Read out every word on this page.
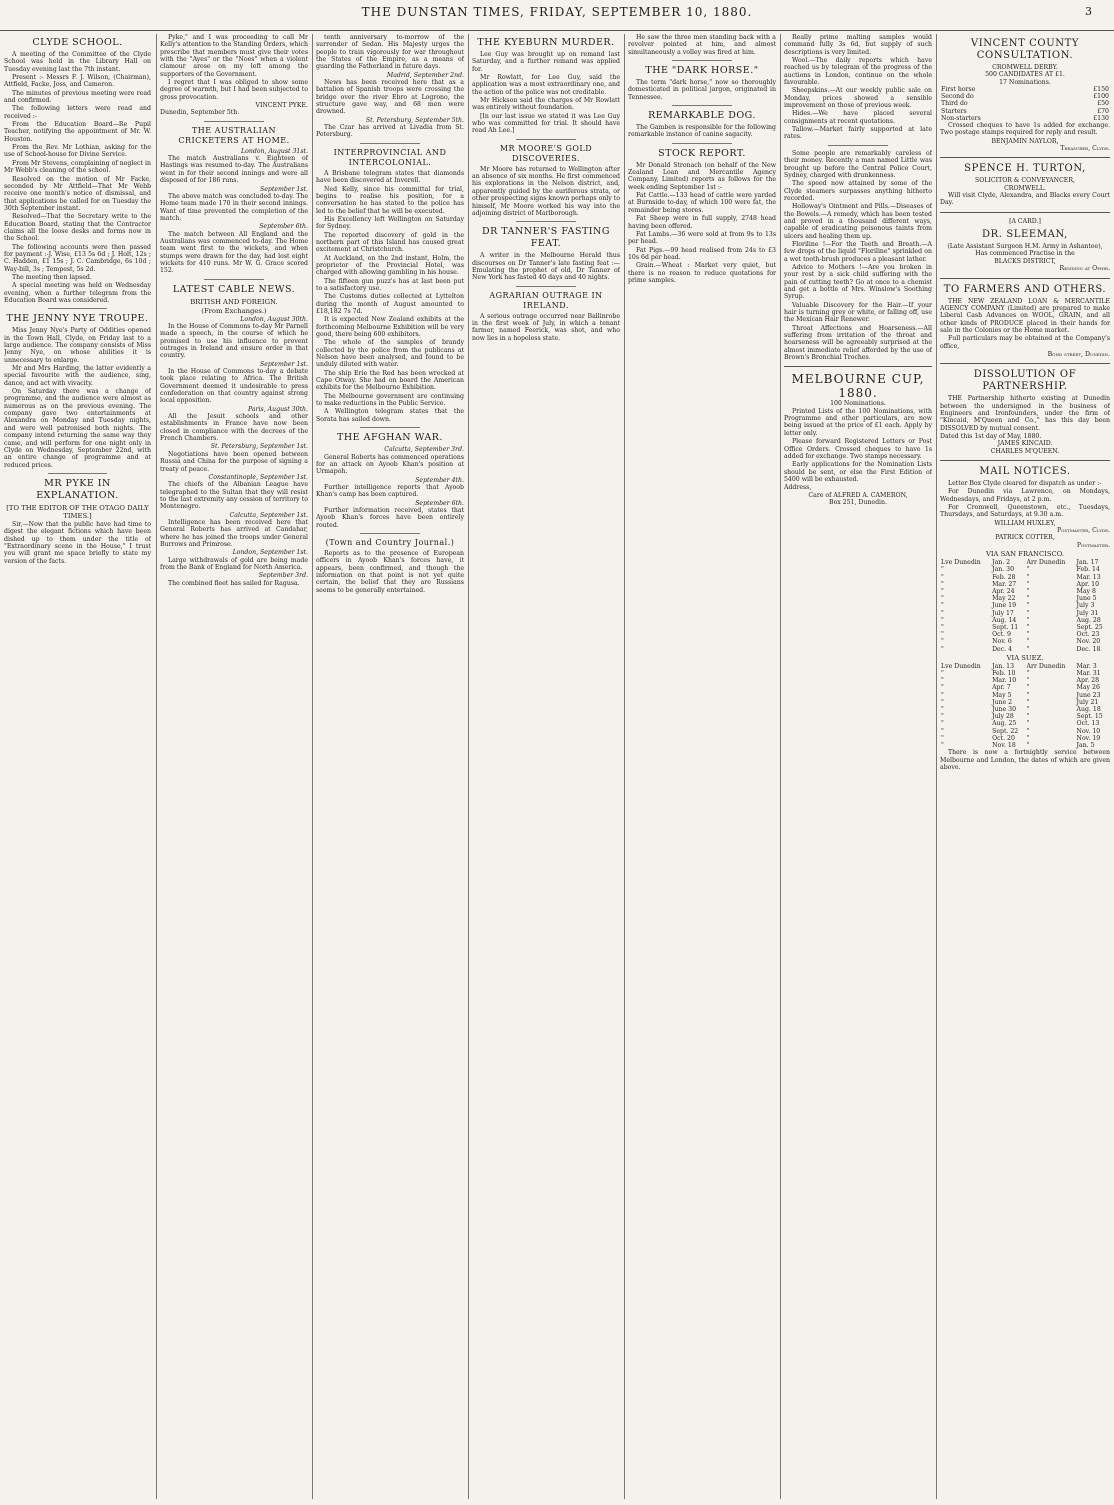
THE DUNSTAN TIMES, FRIDAY, SEPTEMBER 10, 1880.	3
CLYDE SCHOOL.

A meeting of the Committee of the Clyde School was held in the Library Hall on Tuesday evening last the 7th instant.

Present :- Messrs F. J. Wilson, (Chairman), Attfield, Facke, Joss, and Cameron.

The minutes of previous meeting were read and confirmed.

The following letters were read and received :-

From the Education Board—Re Pupil Teacher, notifying the appointment of Mr. W. Houston.

From the Rev. Mr Lothian, asking for the use of School-house for Divine Service.

From Mr Stevens, complaining of neglect in Mr Webb's cleaning of the school.

Resolved on the motion of Mr Facke, seconded by Mr Attfield—That Mr Webb receive one month's notice of dismissal, and that applications be called for on Tuesday the 30th September instant.

Resolved—That the Secretary write to the Education Board, stating that the Contractor claims all the loose desks and forms now in the School.

The following accounts were then passed for payment :-J. Wise, £13 5s 6d ; J. Holt, 12s ; C. Hadden, £1 15s ; J. C. Cambridge, 6s 10d ; Way-bill, 3s ; Tempest, 5s 2d.

The meeting then lapsed.

A special meeting was held on Wednesday evening, when a further telegram from the Education Board was considered.

THE JENNY NYE TROUPE.

Miss Jenny Nye's Party of Oddities opened in the Town Hall, Clyde, on Friday last to a large audience. The company consists of Miss Jenny Nye, on whose abilities it is unnecessary to enlarge.

Mr and Mrs Harding, the latter evidently a special favourite with the audience, sing, dance, and act with vivacity.

On Saturday there was a change of programme, and the audience were almost as numerous as on the previous evening. The company gave two entertainments at Alexandra on Monday and Tuesday nights, and were well patronised both nights. The company intend returning the same way they came, and will perform for one night only in Clyde on Wednesday, September 22nd, with an entire change of programme and at reduced prices.

MR PYKE IN EXPLANATION.
[TO THE EDITOR OF THE OTAGO DAILY TIMES.]

Sir,—Now that the public have had time to digest the elegant fictions which have been dished up to them under the title of "Extraordinary scene in the House," I trust you will grant me space briefly to state my version of the facts.

Pyke," and I was proceeding to call Mr Kelly's attention to the Standing Orders, which prescribe that members must give their votes with the "Ayes" or the "Noes" when a violent clamour arose on my left among the supporters of the Government.

I regret that I was obliged to show some degree of warmth, but I had been subjected to gross provocation.

VINCENT PYKE.
Dunedin, September 5th.
THE AUSTRALIAN CRICKETERS AT HOME.
London, August 31st.

The match Australians v. Eighteen of Hastings was resumed to-day. The Australians went in for their second innings and were all disposed of for 186 runs.

September 1st.

The above match was concluded to-day. The Home team made 170 in their second innings. Want of time prevented the completion of the match.

September 6th.

The match between All England and the Australians was commenced to-day. The Home team went first to the wickets, and when stumps were drawn for the day, had lost eight wickets for 410 runs. Mr W. G. Grace scored 152.

LATEST CABLE NEWS.
BRITISH AND FOREIGN.
(From Exchanges.)
London, August 30th.

In the House of Commons to-day Mr Parnell made a speech, in the course of which he promised to use his influence to prevent outrages in Ireland and ensure order in that country.

September 1st.

In the House of Commons to-day a debate took place relating to Africa. The British Government deemed it undesirable to press confederation on that country against strong local opposition.

Paris, August 30th.

All the Jesuit schools and other establishments in France have now been closed in compliance with the decrees of the French Chambers.

St. Petersburg, September 1st.

Negotiations have been opened between Russia and China for the purpose of signing a treaty of peace.

Constantinople, September 1st.

The chiefs of the Albanian League have telegraphed to the Sultan that they will resist to the last extremity any cession of territory to Montenegro.

Calcutta, September 1st.

Intelligence has been received here that General Roberts has arrived at Candahar, where he has joined the troops under General Burrows and Primrose.

London, September 1st.

Large withdrawals of gold are being made from the Bank of England for North America.

September 3rd.

The combined fleet has sailed for Ragusa.

tenth anniversary to-morrow of the surrender of Sedan. His Majesty urges the people to train vigorously for war throughout the States of the Empire, as a means of guarding the Fatherland in future days.

Madrid, September 2nd.

News has been received here that as a battalion of Spanish troops were crossing the bridge over the river Ebro at Logrono, the structure gave way, and 68 men were drowned.

St. Petersburg, September 5th.

The Czar has arrived at Livadia from St. Petersburg.

INTERPROVINCIAL AND INTERCOLONIAL.

A Brisbane telegram states that diamonds have been discovered at Inverell.

Ned Kelly, since his committal for trial, begins to realise his position, for a conversation he has stated to the police has led to the belief that he will be executed.

His Excellency left Wellington on Saturday for Sydney.

The reported discovery of gold in the northern part of this Island has caused great excitement at Christchurch.

At Auckland, on the 2nd instant, Holm, the proprietor of the Provincial Hotel, was charged with allowing gambling in his house.

The fifteen gun puzz's has at last been put to a satisfactory use.

The Customs duties collected at Lyttelton during the month of August amounted to £18,182 7s 7d.

It is expected New Zealand exhibits at the forthcoming Melbourne Exhibition will be very good, there being 600 exhibitors.

The whole of the samples of brandy collected by the police from the publicans at Nelson have been analysed, and found to be unduly diluted with water.

The ship Erie the Red has been wrecked at Cape Otway. She had on board the American exhibits for the Melbourne Exhibition.

The Melbourne government are continuing to make reductions in the Public Service.

A Wellington telegram states that the Sorata has sailed down.

THE AFGHAN WAR.
Calcutta, September 3rd.

General Roberts has commenced operations for an attack on Ayoob Khan's position at Urmapoh.

September 4th.

Further intelligence reports that Ayoob Khan's camp has been captured.

September 6th.

Further information received, states that Ayoob Khan's forces have been entirely routed.

(Town and Country Journal.)

Reports as to the presence of European officers in Ayoob Khan's forces have, it appears, been confirmed, and though the information on that point is not yet quite certain, the belief that they are Russians seems to be generally entertained.

THE KYEBURN MURDER.

Lee Guy was brought up on remand last Saturday, and a further remand was applied for.

Mr Rowlatt, for Lee Guy, said the application was a most extraordinary one, and the action of the police was not creditable.

Mr Hickson said the charges of Mr Rowlatt was entirely without foundation.

[In our last issue we stated it was Lee Guy who was committed for trial. It should have read Ah Lee.]

MR MOORE'S GOLD DISCOVERIES.

Mr Moore has returned to Wellington after an absence of six months. He first commenced his explorations in the Nelson district, and, apparently guided by the auriferous strata, or other prospecting signs known perhaps only to himself, Mr Moore worked his way into the adjoining district of Marlborough.

DR TANNER'S FASTING FEAT.

A writer in the Melbourne Herald thus discourses on Dr Tanner's late fasting feat :—Emulating the prophet of old, Dr Tanner of New York has fasted 40 days and 40 nights.

AGRARIAN OUTRAGE IN IRELAND.

A serious outrage occurred near Ballinrobe in the first week of July, in which a tenant farmer, named Feerick, was shot, and who now lies in a hopeless state.

He saw the three men standing back with a revolver pointed at him, and almost simultaneously a volley was fired at him.

THE "DARK HORSE."

The term "dark horse," now so thoroughly domesticated in political jargon, originated in Tennessee.

REMARKABLE DOG.

The Gamben is responsible for the following remarkable instance of canine sagacity.

STOCK REPORT.

Mr Donald Stronach (on behalf of the New Zealand Loan and Mercantile Agency Company, Limited) reports as follows for the week ending September 1st :-

Fat Cattle.—133 head of cattle were yarded at Burnside to-day, of which 100 were fat, the remainder being stores.

Fat Sheep were in full supply, 2748 head having been offered.

Fat Lambs.—36 were sold at from 9s to 13s per head.

Fat Pigs.—99 head realised from 24s to £3 10s 6d per head.

Grain.—Wheat : Market very quiet, but there is no reason to reduce quotations for prime samples.

Really prime malting samples would command fully 3s 6d, but supply of such descriptions is very limited.

Wool.—The daily reports which have reached us by telegram of the progress of the auctions in London, continue on the whole favourable.

Sheepskins.—At our weekly public sale on Monday, prices showed a sensible improvement on those of previous week.

Hides.—We have placed several consignments at recent quotations.

Tallow.—Market fairly supported at late rates.

Some people are remarkably careless of their money. Recently a man named Little was brought up before the Central Police Court, Sydney, charged with drunkenness.

The speed now attained by some of the Clyde steamers surpasses anything hitherto recorded.

Holloway's Ointment and Pills.—Diseases of the Bowels.—A remedy, which has been tested and proved in a thousand different ways, capable of eradicating poisonous taints from ulcers and healing them up.

Floriline !—For the Teeth and Breath.—A few drops of the liquid "Floriline" sprinkled on a wet tooth-brush produces a pleasant lather.

Advice to Mothers !—Are you broken in your rest by a sick child suffering with the pain of cutting teeth? Go at once to a chemist and get a bottle of Mrs. Winslow's Soothing Syrup.

Valuable Discovery for the Hair.—If your hair is turning grey or white, or falling off, use the Mexican Hair Renewer.

Throat Affections and Hoarseness.—All suffering from irritation of the throat and hoarseness will be agreeably surprised at the almost immediate relief afforded by the use of Brown's Bronchial Troches.

MELBOURNE CUP, 1880.
100 Nominations.

Printed Lists of the 100 Nominations, with Programme and other particulars, are now being issued at the price of £1 each. Apply by letter only.

Please forward Registered Letters or Post Office Orders. Crossed cheques to have 1s added for exchange. Two stamps necessary.

Early applications for the Nomination Lists should be sent, or else the First Edition of 5400 will be exhausted.

Address,
Care of ALFRED A. CAMERON,
Box 251, Dunedin.
VINCENT COUNTY CONSULTATION.
CROMWELL DERBY.
500 CANDIDATES AT £1.
17 Nominations.
First horse	£150
Second do	£100
Third do	£50
Starters	£70
Non-starters	£130

Crossed cheques to have 1s added for exchange. Two postage stamps required for reply and result.

BENJAMIN NAYLOR,
Treasurer, Clyde.
SPENCE H. TURTON,
SOLICITOR & CONVEYANCER,
CROMWELL.

Will visit Clyde, Alexandra, and Blacks every Court Day.

[A CARD.]
DR. SLEEMAN,
(Late Assistant Surgeon H.M. Army in Ashantee),
Has commenced Practise in the
BLACKS DISTRICT,
Residing at Ophir.
TO FARMERS AND OTHERS.

THE NEW ZEALAND LOAN & MERCANTILE AGENCY COMPANY (Limited) are prepared to make Liberal Cash Advances on WOOL, GRAIN, and all other kinds of PRODUCE placed in their hands for sale in the Colonies or the Home market.

Full particulars may be obtained at the Company's office,

Bond street, Dunedin.
DISSOLUTION OF PARTNERSHIP.

THE Partnership hitherto existing at Dunedin between the undersigned in the business of Engineers and Ironfounders, under the firm of "Kincaid, M'Queen and Co.," has this day been DISSOLVED by mutual consent.

Dated this 1st day of May, 1880.
JAMES KINCAID.
CHARLES M'QUEEN.
MAIL NOTICES.

Letter Box Clyde cleared for dispatch as under :-

For Dunedin via Lawrence, on Mondays, Wednesdays, and Fridays, at 2 p.m.

For Cromwell, Queenstown, etc., Tuesdays, Thursdays, and Saturdays, at 9.30 a.m.

WILLIAM HUXLEY,
Postmaster, Clyde.
PATRICK COTTER,
Postmaster.
VIA SAN FRANCISCO.
Lve Dunedin	Jan. 2	Arr Dunedin	Jan. 17
"	Jan. 30	"	Feb. 14
"	Feb. 28	"	Mar. 13
"	Mar. 27	"	Apr. 10
"	Apr. 24	"	May 8
"	May 22	"	June 5
"	June 19	"	July 3
"	July 17	"	July 31
"	Aug. 14	"	Aug. 28
"	Sept. 11	"	Sept. 25
"	Oct. 9	"	Oct. 23
"	Nov. 6	"	Nov. 20
"	Dec. 4	"	Dec. 18
VIA SUEZ.
Lve Dunedin	Jan. 13	Arr Dunedin	Mar. 3
"	Feb. 10	"	Mar. 31
"	Mar. 10	"	Apr. 28
"	Apr. 7	"	May 26
"	May 5	"	June 23
"	June 2	"	July 21
"	June 30	"	Aug. 18
"	July 28	"	Sept. 15
"	Aug. 25	"	Oct. 13
"	Sept. 22	"	Nov. 10
"	Oct. 20	"	Nov. 19
"	Nov. 18	"	Jan. 5

There is now a fortnightly service between Melbourne and London, the dates of which are given above.
